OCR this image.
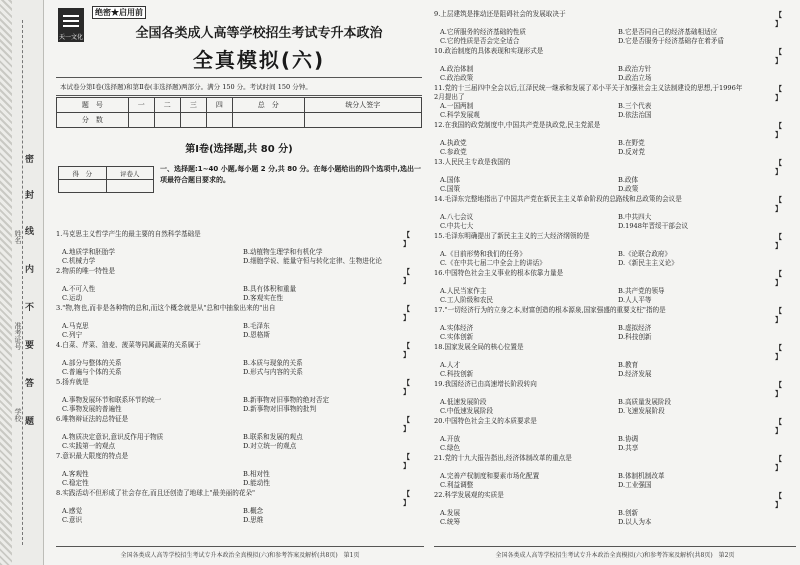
密
封
线
内
不
要
答
题
姓名
准考证号
学校
天一文化
绝密★启用前
全国各类成人高等学校招生考试专升本政治
全真模拟(六)
本试卷分第Ⅰ卷(选择题)和第Ⅱ卷(非选择题)两部分。满分 150 分。考试时间 150 分钟。
题　号	一	二	三	四	总　分	统分人签字
分　数						
第Ⅰ卷(选择题,共 80 分)
得　分	评卷人

一、选择题:1~40 小题,每小题 2 分,共 80 分。在每小题给出的四个选项中,选出一项最符合题目要求的。
1.马克思主义哲学产生的最主要的自然科学基础是	【 】
A.地质学和胚胎学	B.动植物生理学和有机化学
C.机械力学	D.细胞学说、能量守恒与转化定律、生物进化论
2.物质的唯一特性是	【 】
A.不可入性	B.具有体积和重量
C.运动	D.客观实在性
3."物,物也,而非是各种物的总和,而这个概念就是从"总和中抽象出来的"出自	【 】
A.马克思	B.毛泽东
C.列宁	D.恩格斯
4.白菜、芹菜、油麦、菠菜等同属蔬菜的关系属于	【 】
A.部分与整体的关系	B.本质与现象的关系
C.普遍与个体的关系	D.形式与内容的关系
5.扬弃就是	【 】
A.事物发展环节和联系环节的统一	B.新事物对旧事物的绝对否定
C.事物发展的普遍性	D.新事物对旧事物的批判
6.唯物辩证法的总特征是	【 】
A.物质决定意识,意识反作用于物质	B.联系和发展的观点
C.实践第一的观点	D.对立统一的观点
7.意识最大限度的特点是	【 】
A.客观性	B.相对性
C.稳定性	D.能动性
8.实践活动不但形成了社会存在,而且还创造了地球上"最美丽的花朵"	【 】
A.感觉	B.概念
C.意识	D.思维
全国各类成人高等学校招生考试专升本政治全真模拟(六)和参考答案及解析(共8页)　第1页
9.上层建筑是推动还是阻碍社会的发展取决于	【 】
A.它所服务的经济基础的性质	B.它是否同自己的经济基础相适应
C.它的性质是否会完全适合	D.它是否服务于经济基础存在着矛盾
10.政治制度的具体表现和实现形式是	【 】
A.政治体制	B.政治方针
C.政治政策	D.政治立场
11.党的十三届四中全会以后,江泽民统一继承和发展了邓小平关于加强社会主义法制建设的思想,于1996年2月提出了
【 】
A.一国两制	B.三个代表
C.科学发展观	D.依法治国
12.在我国的政党制度中,中国共产党是执政党,民主党派是	【 】
A.执政党	B.在野党
C.参政党	D.反对党
13.人民民主专政是我国的	【 】
A.国体	B.政体
C.国策	D.政策
14.毛泽东完整地指出了中国共产党在新民主主义革命阶段的总路线和总政策的会议是	【 】
A.八七会议	B.中共四大
C.中共七大	D.1948年晋绥干部会议
15.毛泽东明确提出了新民主主义的三大经济纲领的是	【 】
A.《目前形势和我们的任务》	B.《论联合政府》
C.《在中共七届二中全会上的讲话》	D.《新民主主义论》
16.中国特色社会主义事业的根本依靠力量是	【 】
A.人民当家作主	B.共产党的领导
C.工人阶级和农民	D.人人平等
17."一切经济行为的立身之本,财富创造的根本源泉,国家强盛的重要支柱"指的是	【 】
A.实体经济	B.虚拟经济
C.实体创新	D.科技创新
18.国家发展全局的核心位置是	【 】
A.人才	B.教育
C.科技创新	D.经济发展
19.我国经济已由高速增长阶段转向	【 】
A.低速发展阶段	B.高质量发展阶段
C.中低速发展阶段	D.飞速发展阶段
20.中国特色社会主义的本质要求是	【 】
A.开放	B.协调
C.绿色	D.共享
21.党的十九大报告指出,经济体制改革的重点是	【 】
A.完善产权制度和要素市场化配置	B.体制机制改革
C.利益调整	D.工业强国
22.科学发展观的实质是	【 】
A.发展	B.创新
C.统筹	D.以人为本
全国各类成人高等学校招生考试专升本政治全真模拟(六)和参考答案及解析(共8页)　第2页
